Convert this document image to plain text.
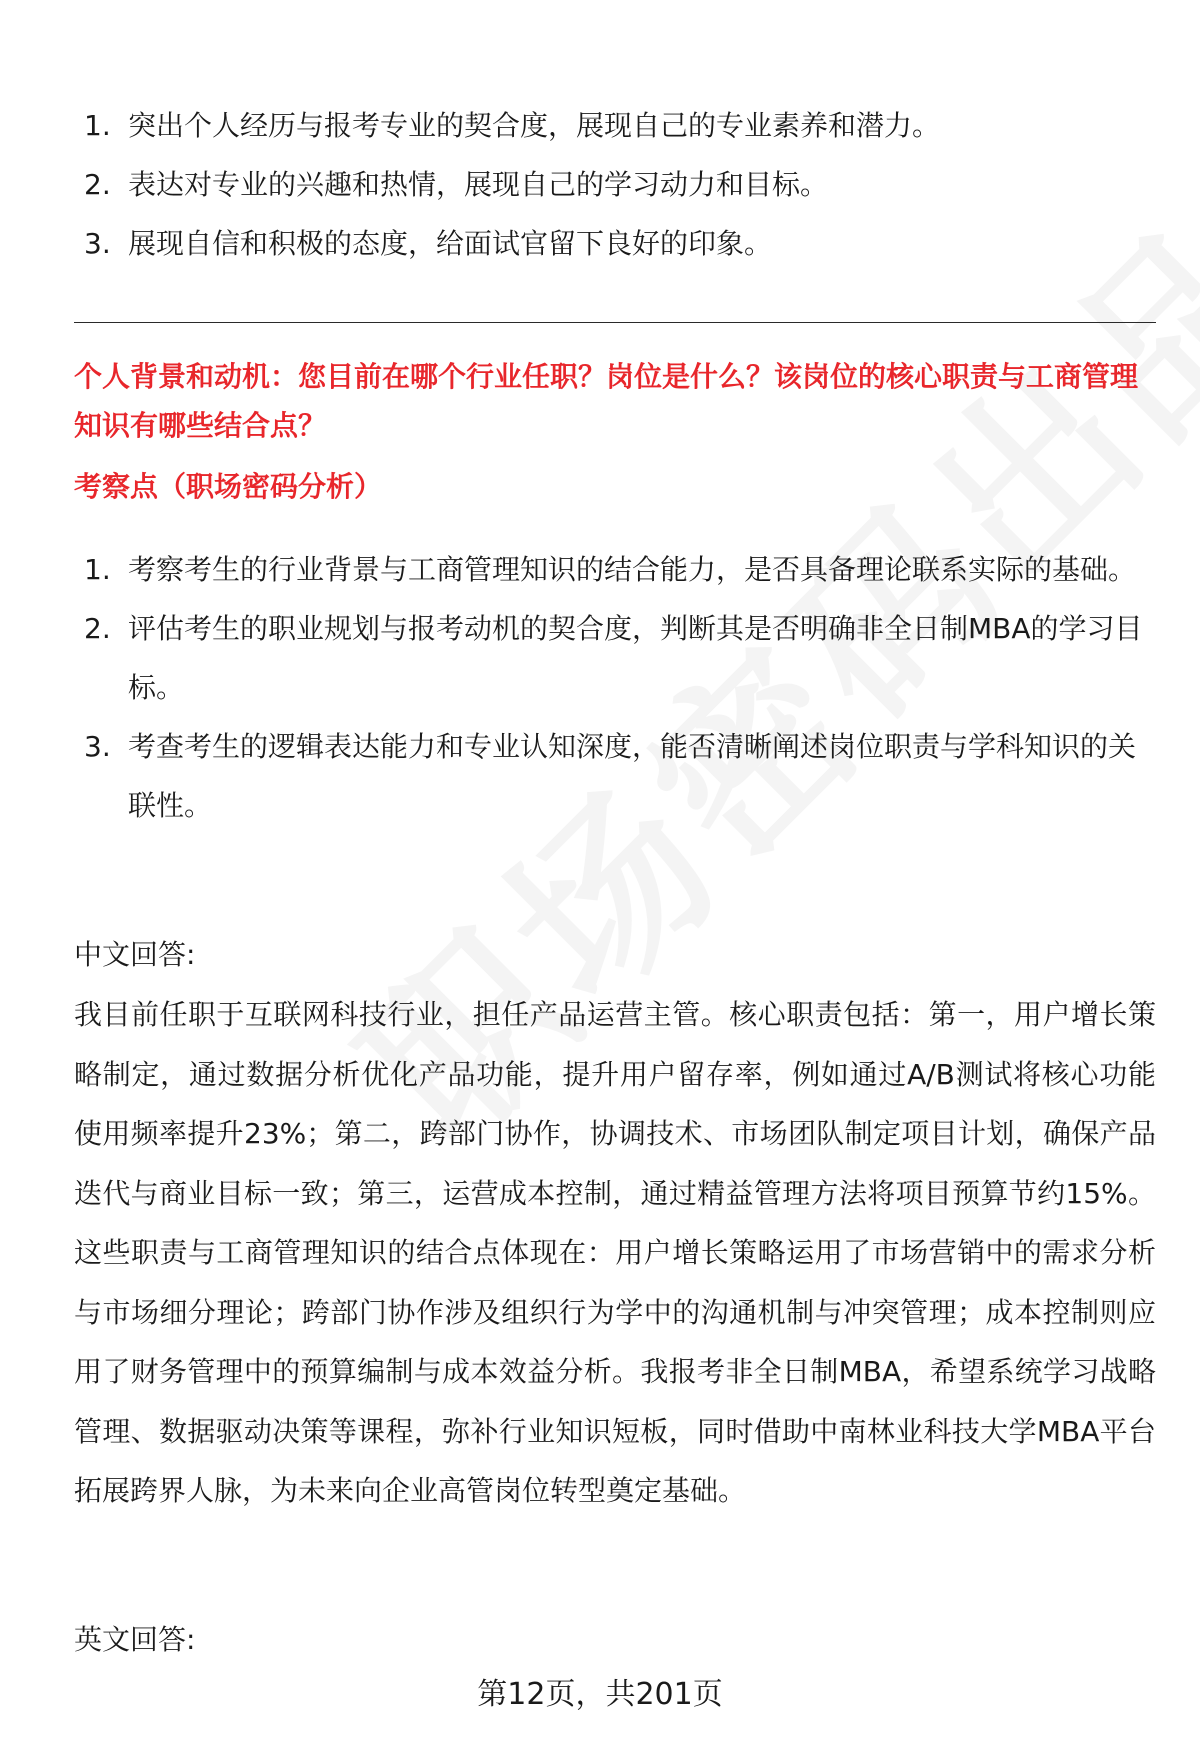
1. 突出个人经历与报考专业的契合度，展现自己的专业素养和潜力。
2. 表达对专业的兴趣和热情，展现自己的学习动力和目标。
3. 展现自信和积极的态度，给面试官留下良好的印象。
个人背景和动机：您目前在哪个行业任职？岗位是什么？该岗位的核心职责与工商管理知识有哪些结合点？
考察点（职场密码分析）
1. 考察考生的行业背景与工商管理知识的结合能力，是否具备理论联系实际的基础。
2. 评估考生的职业规划与报考动机的契合度，判断其是否明确非全日制MBA的学习目标。
3. 考查考生的逻辑表达能力和专业认知深度，能否清晰阐述岗位职责与学科知识的关联性。
中文回答:
我目前任职于互联网科技行业，担任产品运营主管。核心职责包括：第一，用户增长策略制定，通过数据分析优化产品功能，提升用户留存率，例如通过A/B测试将核心功能使用频率提升23%；第二，跨部门协作，协调技术、市场团队制定项目计划，确保产品迭代与商业目标一致；第三，运营成本控制，通过精益管理方法将项目预算节约15%。这些职责与工商管理知识的结合点体现在：用户增长策略运用了市场营销中的需求分析与市场细分理论；跨部门协作涉及组织行为学中的沟通机制与冲突管理；成本控制则应用了财务管理中的预算编制与成本效益分析。我报考非全日制MBA，希望系统学习战略管理、数据驱动决策等课程，弥补行业知识短板，同时借助中南林业科技大学MBA平台拓展跨界人脉，为未来向企业高管岗位转型奠定基础。
英文回答:
第12页，共201页
